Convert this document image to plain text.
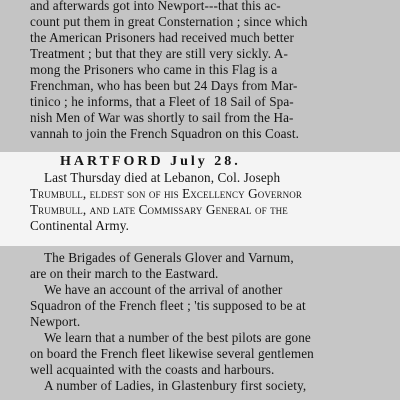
and afterwards got into Newport---that this ac-
count put them in great Consternation ; since which
the American Prisoners had received much better
Treatment ; but that they are still very sickly. A-
mong the Prisoners who came in this Flag is a
Frenchman, who has been but 24 Days from Mar-
tinico ; he informs, that a Fleet of 18 Sail of Spa-
nish Men of War was shortly to sail from the Ha-
vannah to join the French Squadron on this Coast.
HARTFORD July 28.
Last Thursday died at Lebanon, Col. Joseph
Trumbull, eldest son of his Excellency Governor
Trumbull, and late Commissary General of the
Continental Army.
The Brigades of Generals Glover and Varnum,
are on their march to the Eastward.
We have an account of the arrival of another
Squadron of the French fleet ; 'tis supposed to be at
Newport.
We learn that a number of the best pilots are gone
on board the French fleet likewise several gentlemen
well acquainted with the coasts and harbours.
A number of Ladies, in Glastenbury first society,
